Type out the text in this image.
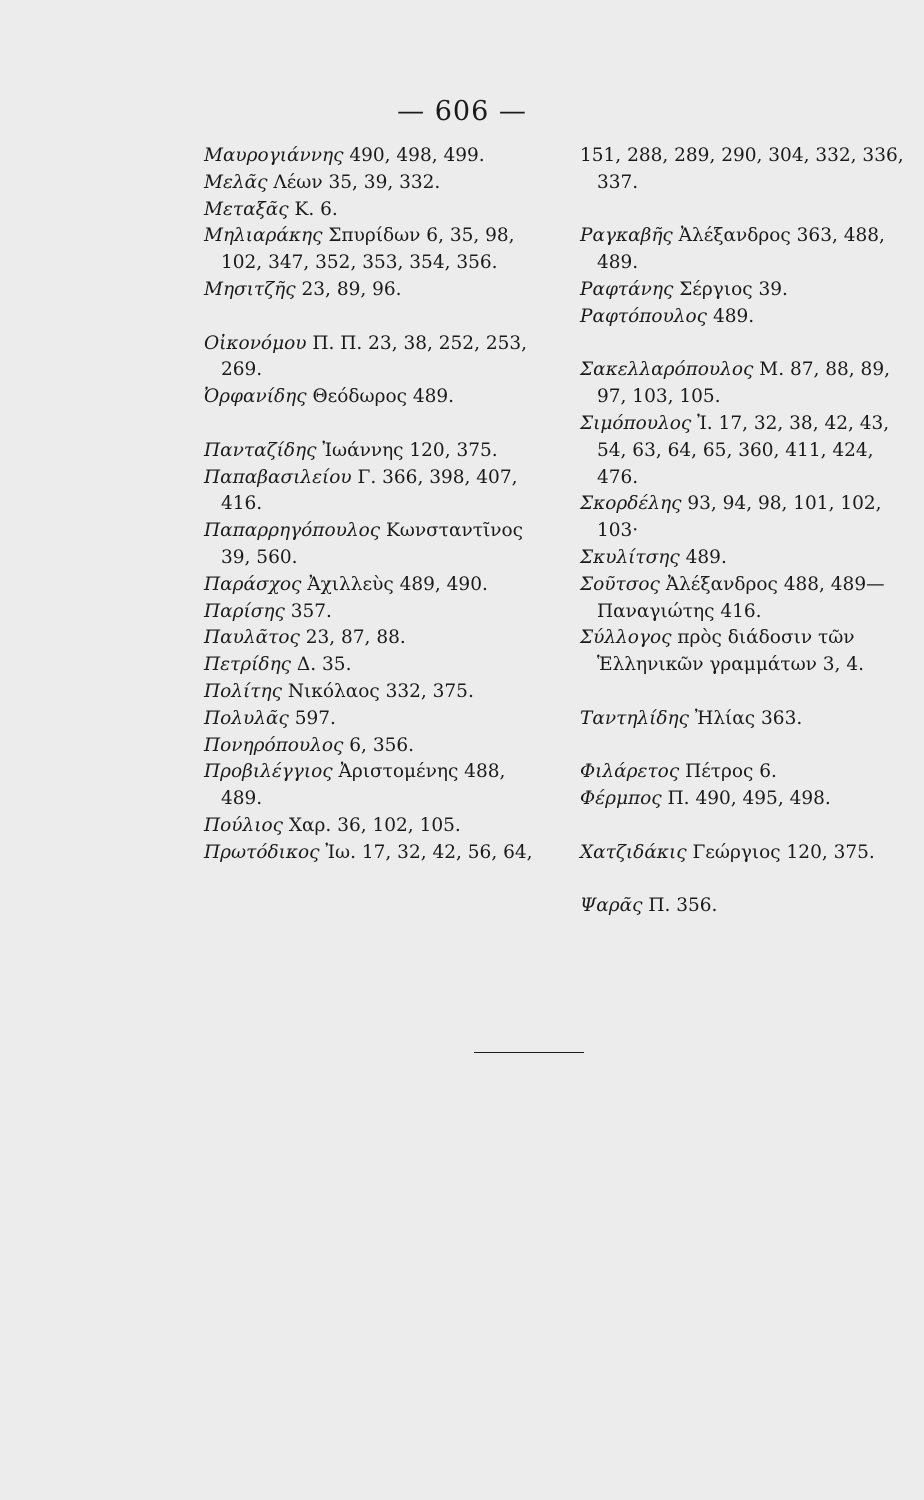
— 606 —
Μαυρογιάννης 490, 498, 499.
Μελᾶς Λέων 35, 39, 332.
Μεταξᾶς Κ. 6.
Μηλιαράκης Σπυρίδων 6, 35, 98, 102, 347, 352, 353, 354, 356.
Μησιτζῆς 23, 89, 96.
Οἰκονόμου Π. Π. 23, 38, 252, 253, 269.
Ὀρφανίδης Θεόδωρος 489.
Πανταζίδης Ἰωάννης 120, 375.
Παπαβασιλείου Γ. 366, 398, 407, 416.
Παπαρρηγόπουλος Κωνσταντῖνος 39, 560.
Παράσχος Ἀχιλλεὺς 489, 490.
Παρίσης 357.
Παυλᾶτος 23, 87, 88.
Πετρίδης Δ. 35.
Πολίτης Νικόλαος 332, 375.
Πολυλᾶς 597.
Πονηρόπουλος 6, 356.
Προβιλέγγιος Ἀριστομένης 488, 489.
Πούλιος Χαρ. 36, 102, 105.
Πρωτόδικος Ἰω. 17, 32, 42, 56, 64,
151, 288, 289, 290, 304, 332, 336, 337.
Ραγκαβῆς Ἀλέξανδρος 363, 488, 489.
Ραφτάνης Σέργιος 39.
Ραφτόπουλος 489.
Σακελλαρόπουλος Μ. 87, 88, 89, 97, 103, 105.
Σιμόπουλος Ἰ. 17, 32, 38, 42, 43, 54, 63, 64, 65, 360, 411, 424, 476.
Σκορδέλης 93, 94, 98, 101, 102, 103·
Σκυλίτσης 489.
Σοῦτσος Ἀλέξανδρος 488, 489—Παναγιώτης 416.
Σύλλογος πρὸς διάδοσιν τῶν Ἑλληνικῶν γραμμάτων 3, 4.
Ταντηλίδης Ἠλίας 363.
Φιλάρετος Πέτρος 6.
Φέρμπος Π. 490, 495, 498.
Χατζιδάκις Γεώργιος 120, 375.
Ψαρᾶς Π. 356.
